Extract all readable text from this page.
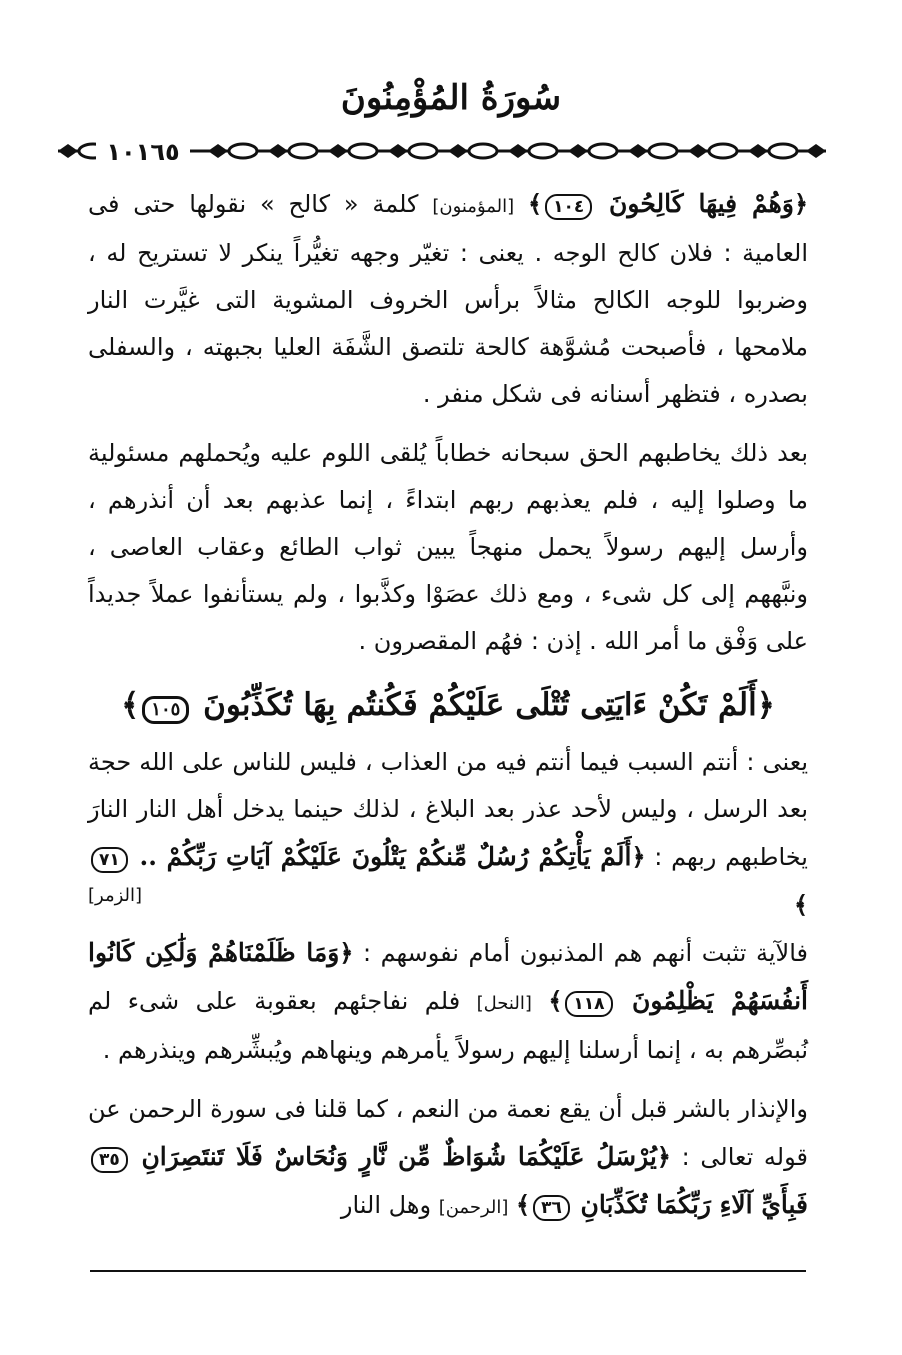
سُورَةُ المُؤْمِنُونَ
١٠١٦٥

﴿وَهُمْ فِيهَا كَالِحُونَ ١٠٤﴾ [المؤمنون] كلمة « كالح » نقولها حتى فى العامية : فلان كالح الوجه . يعنى : تغيّر وجهه تغيُّراً ينكر لا تستريح له ، وضربوا للوجه الكالح مثالاً برأس الخروف المشوية التى غيَّرت النار ملامحها ، فأصبحت مُشوَّهة كالحة تلتصق الشَّفَة العليا بجبهته ، والسفلى بصدره ، فتظهر أسنانه فى شكل منفر .

بعد ذلك يخاطبهم الحق سبحانه خطاباً يُلقى اللوم عليه ويُحملهم مسئولية ما وصلوا إليه ، فلم يعذبهم ربهم ابتداءً ، إنما عذبهم بعد أن أنذرهم ، وأرسل إليهم رسولاً يحمل منهجاً يبين ثواب الطائع وعقاب العاصى ، ونبَّههم إلى كل شىء ، ومع ذلك عصَوْا وكذَّبوا ، ولم يستأنفوا عملاً جديداً على وَفْق ما أمر الله . إذن : فهُم المقصرون .

﴿أَلَمْ تَكُنْ ءَايَتِى تُتْلَى عَلَيْكُمْ فَكُنتُم بِهَا تُكَذِّبُونَ ١٠٥﴾

يعنى : أنتم السبب فيما أنتم فيه من العذاب ، فليس للناس على الله حجة بعد الرسل ، وليس لأحد عذر بعد البلاغ ، لذلك حينما يدخل أهل النار النارَ يخاطبهم ربهم : ﴿أَلَمْ يَأْتِكُمْ رُسُلٌ مِّنكُمْ يَتْلُونَ عَلَيْكُمْ آيَاتِ رَبِّكُمْ .. ٧١﴾
[الزمر]

فالآية تثبت أنهم هم المذنبون أمام نفوسهم : ﴿وَمَا ظَلَمْنَاهُمْ وَلَٰكِن كَانُوا أَنفُسَهُمْ يَظْلِمُونَ ١١٨﴾ [النحل] فلم نفاجئهم بعقوبة على شىء لم نُبصِّرهم به ، إنما أرسلنا إليهم رسولاً يأمرهم وينهاهم ويُبشِّرهم وينذرهم .

والإنذار بالشر قبل أن يقع نعمة من النعم ، كما قلنا فى سورة الرحمن عن قوله تعالى : ﴿يُرْسَلُ عَلَيْكُمَا شُوَاظٌ مِّن نَّارٍ وَنُحَاسٌ فَلَا تَنتَصِرَانِ ٣٥ فَبِأَيِّ آلَاءِ رَبِّكُمَا تُكَذِّبَانِ ٣٦﴾ [الرحمن] وهل النار
